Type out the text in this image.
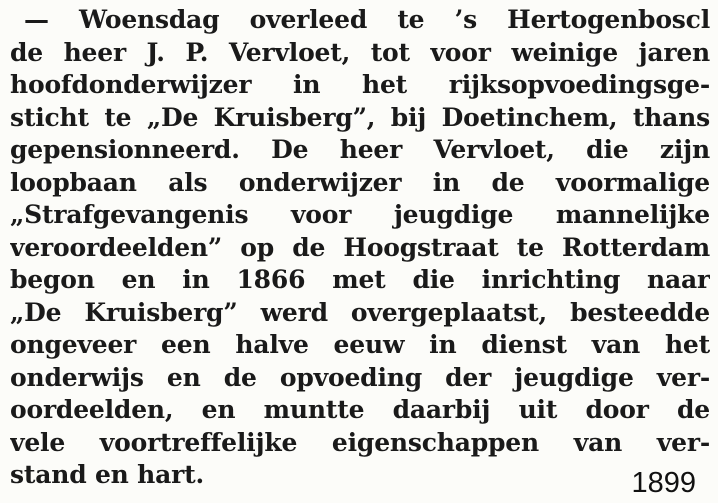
— Woensdag overleed te ’s Hertogenboscl
de heer J. P. Vervloet, tot voor weinige jaren
hoofdonderwijzer in het rijksopvoedingsge-
sticht te „De Kruisberg”, bij Doetinchem, thans
gepensionneerd. De heer Vervloet, die zijn
loopbaan als onderwijzer in de voormalige
„Strafgevangenis voor jeugdige mannelijke
veroordeelden” op de Hoogstraat te Rotterdam
begon en in 1866 met die inrichting naar
„De Kruisberg” werd overgeplaatst, besteedde
ongeveer een halve eeuw in dienst van het
onderwijs en de opvoeding der jeugdige ver-
oordeelden, en muntte daarbij uit door de
vele voortreffelijke eigenschappen van ver-
stand en hart.	1899
